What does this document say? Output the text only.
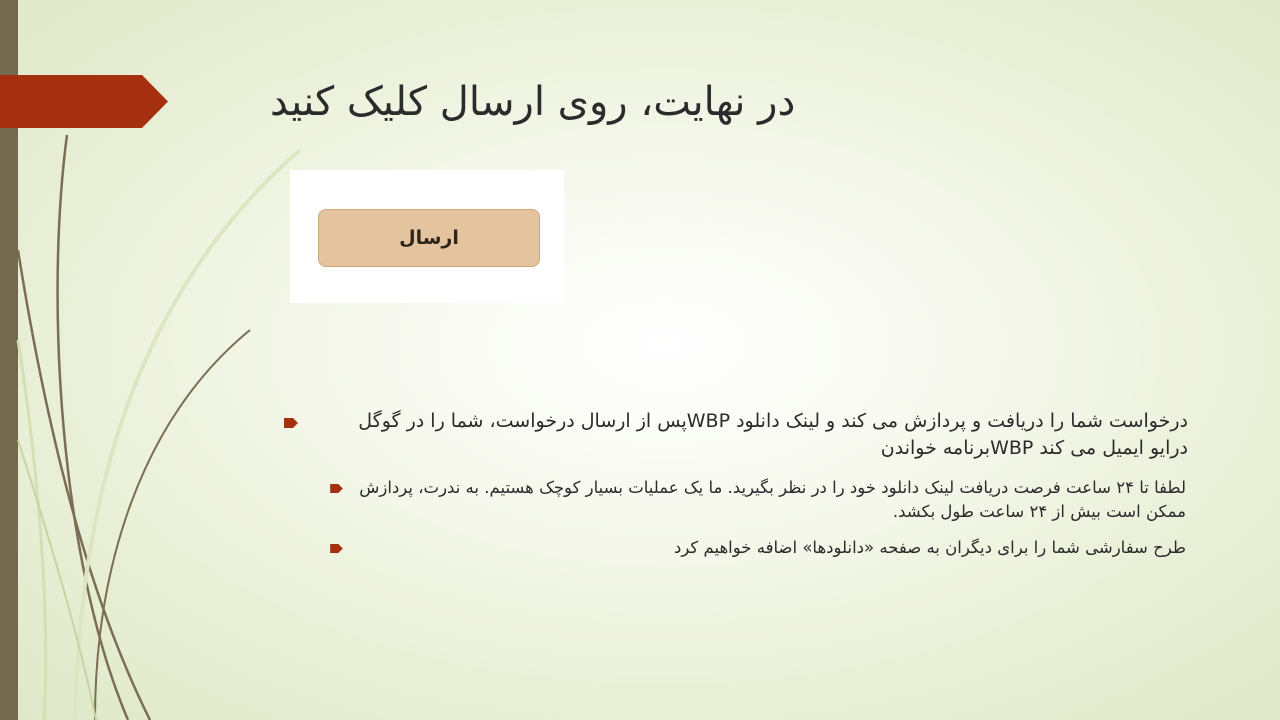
در نهایت، روی ارسال کلیک کنید
ارسال
درخواست شما را دریافت و پردازش می کند و لینک دانلود WBPپس از ارسال درخواست، شما را در گوگل درایو ایمیل می کند WBPبرنامه خواندن
لطفا تا ۲۴ ساعت فرصت دریافت لینک دانلود خود را در نظر بگیرید. ما یک عملیات بسیار کوچک هستیم. به ندرت، پردازش ممکن است بیش از ۲۴ ساعت طول بکشد.
طرح سفارشی شما را برای دیگران به صفحه «دانلودها» اضافه خواهیم کرد
